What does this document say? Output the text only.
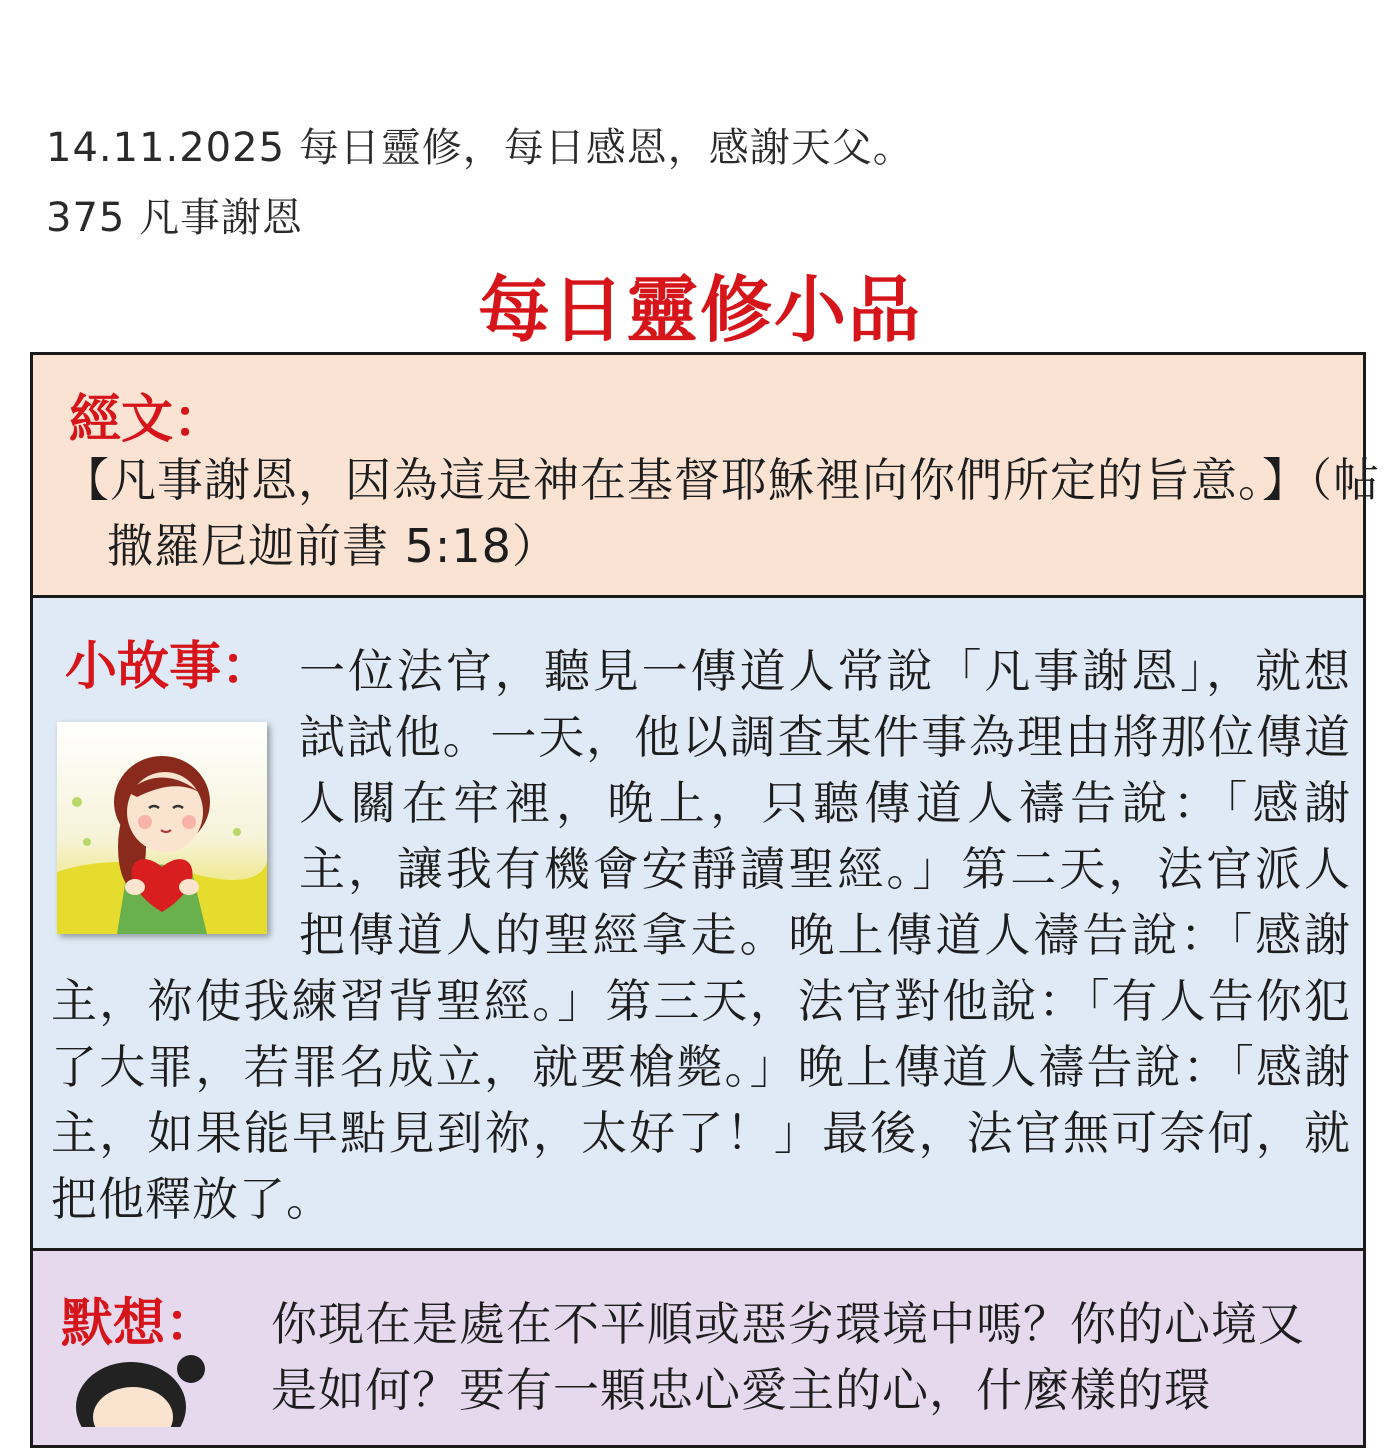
14.11.2025 每日靈修，每日感恩，感謝天父。
375 凡事謝恩
每日靈修小品
經文：
【凡事謝恩，因為這是神在基督耶穌裡向你們所定的旨意。】（帖撒羅尼迦前書 5:18）
小故事： 一位法官，聽見一傳道人常說「凡事謝恩」，就想試試他。一天，他以調查某件事為理由將那位傳道人關在牢裡，晚上，只聽傳道人禱告說：「感謝主，讓我有機會安靜讀聖經。」第二天，法官派人把傳道人的聖經拿走。晚上傳道人禱告說：「感謝主，祢使我練習背聖經。」第三天，法官對他說：「有人告你犯了大罪，若罪名成立，就要槍斃。」晚上傳道人禱告說：「感謝主，如果能早點見到祢，太好了！」最後，法官無可奈何，就把他釋放了。
默想： 你現在是處在不平順或惡劣環境中嗎？你的心境又是如何？要有一顆忠心愛主的心，什麼樣的環
